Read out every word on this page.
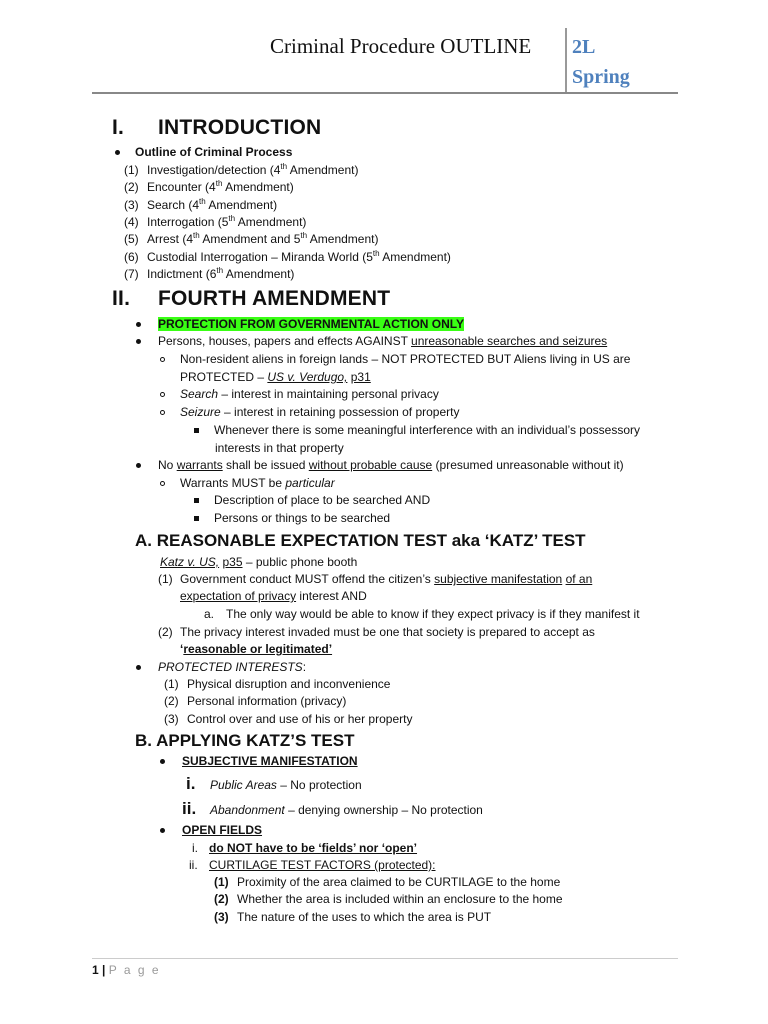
Criminal Procedure OUTLINE 2L
Spring
I. INTRODUCTION
Outline of Criminal Process
(1) Investigation/detection (4th Amendment)
(2) Encounter (4th Amendment)
(3) Search (4th Amendment)
(4) Interrogation (5th Amendment)
(5) Arrest (4th Amendment and 5th Amendment)
(6) Custodial Interrogation – Miranda World (5th Amendment)
(7) Indictment (6th Amendment)
II. FOURTH AMENDMENT
PROTECTION FROM GOVERNMENTAL ACTION ONLY
Persons, houses, papers and effects AGAINST unreasonable searches and seizures
Non-resident aliens in foreign lands – NOT PROTECTED BUT Aliens living in US are
PROTECTED – US v. Verdugo, p31
Search – interest in maintaining personal privacy
Seizure – interest in retaining possession of property
Whenever there is some meaningful interference with an individual’s possessory
interests in that property
No warrants shall be issued without probable cause (presumed unreasonable without it)
Warrants MUST be particular
Description of place to be searched AND
Persons or things to be searched
A. REASONABLE EXPECTATION TEST aka ‘KATZ’ TEST
Katz v. US, p35 – public phone booth
(1) Government conduct MUST offend the citizen’s subjective manifestation of an
expectation of privacy interest AND
a. The only way would be able to know if they expect privacy is if they manifest it
(2) The privacy interest invaded must be one that society is prepared to accept as
‘reasonable or legitimated’
PROTECTED INTERESTS:
(1) Physical disruption and inconvenience
(2) Personal information (privacy)
(3) Control over and use of his or her property
B. APPLYING KATZ’S TEST
SUBJECTIVE MANIFESTATION
i. Public Areas – No protection
ii. Abandonment – denying ownership – No protection
OPEN FIELDS
i. do NOT have to be ‘fields’ nor ‘open’
ii. CURTILAGE TEST FACTORS (protected):
(1) Proximity of the area claimed to be CURTILAGE to the home
(2) Whether the area is included within an enclosure to the home
(3) The nature of the uses to which the area is PUT
1 | P a g e
